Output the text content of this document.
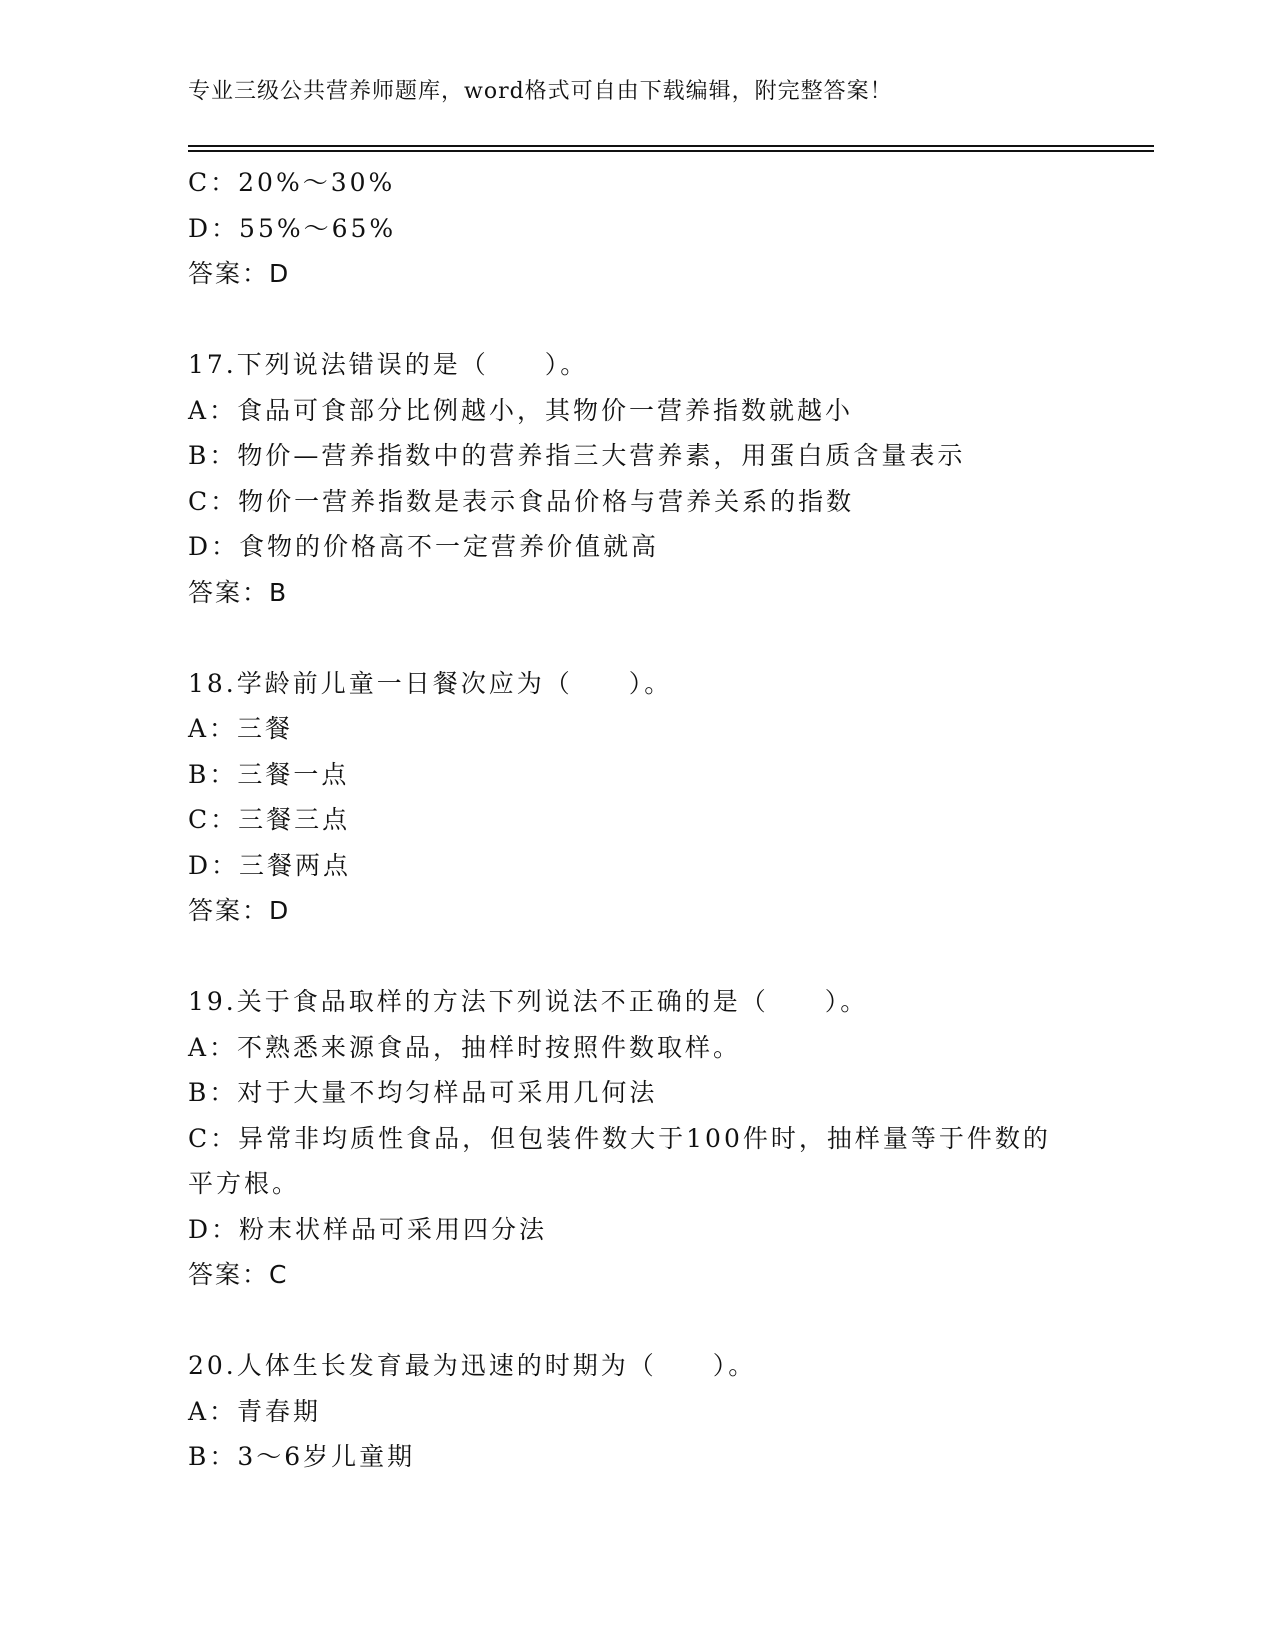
专业三级公共营养师题库，word格式可自由下载编辑，附完整答案！
C：20%～30%
D：55%～65%
答案：D
17.下列说法错误的是（　　）。
A：食品可食部分比例越小，其物价一营养指数就越小
B：物价—营养指数中的营养指三大营养素，用蛋白质含量表示
C：物价一营养指数是表示食品价格与营养关系的指数
D：食物的价格高不一定营养价值就高
答案：B
18.学龄前儿童一日餐次应为（　　）。
A：三餐
B：三餐一点
C：三餐三点
D：三餐两点
答案：D
19.关于食品取样的方法下列说法不正确的是（　　）。
A：不熟悉来源食品，抽样时按照件数取样。
B：对于大量不均匀样品可采用几何法
C：异常非均质性食品，但包装件数大于100件时，抽样量等于件数的
平方根。
D：粉末状样品可采用四分法
答案：C
20.人体生长发育最为迅速的时期为（　　）。
A：青春期
B：3～6岁儿童期
